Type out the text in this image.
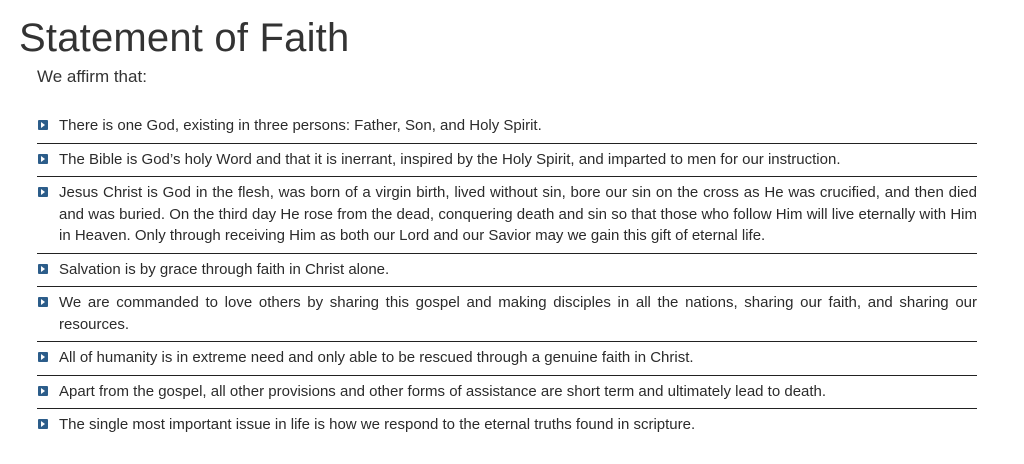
Statement of Faith

We affirm that:

There is one God, existing in three persons: Father, Son, and Holy Spirit.
The Bible is God’s holy Word and that it is inerrant, inspired by the Holy Spirit, and imparted to men for our instruction.
Jesus Christ is God in the flesh, was born of a virgin birth, lived without sin, bore our sin on the cross as He was crucified, and then died and was buried. On the third day He rose from the dead, conquering death and sin so that those who follow Him will live eternally with Him in Heaven. Only through receiving Him as both our Lord and our Savior may we gain this gift of eternal life.
Salvation is by grace through faith in Christ alone.
We are commanded to love others by sharing this gospel and making disciples in all the nations, sharing our faith, and sharing our resources.
All of humanity is in extreme need and only able to be rescued through a genuine faith in Christ.
Apart from the gospel, all other provisions and other forms of assistance are short term and ultimately lead to death.
The single most important issue in life is how we respond to the eternal truths found in scripture.
